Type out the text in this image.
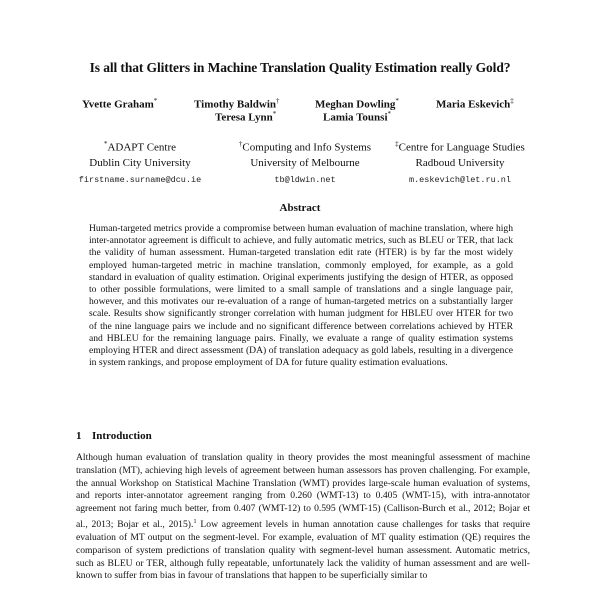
Is all that Glitters in Machine Translation Quality Estimation really Gold?
Yvette Graham*	Timothy Baldwin†	Meghan Dowling*	Maria Eskevich‡
Teresa Lynn*	Lamia Tounsi*
*ADAPT Centre
Dublin City University
firstname.surname@dcu.ie
†Computing and Info Systems
University of Melbourne
tb@ldwin.net
‡Centre for Language Studies
Radboud University
m.eskevich@let.ru.nl
Abstract
Human-targeted metrics provide a compromise between human evaluation of machine translation, where high inter-annotator agreement is difficult to achieve, and fully automatic metrics, such as BLEU or TER, that lack the validity of human assessment. Human-targeted translation edit rate (HTER) is by far the most widely employed human-targeted metric in machine translation, commonly employed, for example, as a gold standard in evaluation of quality estimation. Original experiments justifying the design of HTER, as opposed to other possible formulations, were limited to a small sample of translations and a single language pair, however, and this motivates our re-evaluation of a range of human-targeted metrics on a substantially larger scale. Results show significantly stronger correlation with human judgment for HBLEU over HTER for two of the nine language pairs we include and no significant difference between correlations achieved by HTER and HBLEU for the remaining language pairs. Finally, we evaluate a range of quality estimation systems employing HTER and direct assessment (DA) of translation adequacy as gold labels, resulting in a divergence in system rankings, and propose employment of DA for future quality estimation evaluations.
1 Introduction
Although human evaluation of translation quality in theory provides the most meaningful assessment of machine translation (MT), achieving high levels of agreement between human assessors has proven challenging. For example, the annual Workshop on Statistical Machine Translation (WMT) provides large-scale human evaluation of systems, and reports inter-annotator agreement ranging from 0.260 (WMT-13) to 0.405 (WMT-15), with intra-annotator agreement not faring much better, from 0.407 (WMT-12) to 0.595 (WMT-15) (Callison-Burch et al., 2012; Bojar et al., 2013; Bojar et al., 2015).$^1$ Low agreement levels in human annotation cause challenges for tasks that require evaluation of MT output on the segment-level. For example, evaluation of MT quality estimation (QE) requires the comparison of system predictions of translation quality with segment-level human assessment. Automatic metrics, such as BLEU or TER, although fully repeatable, unfortunately lack the validity of human assessment and are well-known to suffer from bias in favour of translations that happen to be superficially similar to
